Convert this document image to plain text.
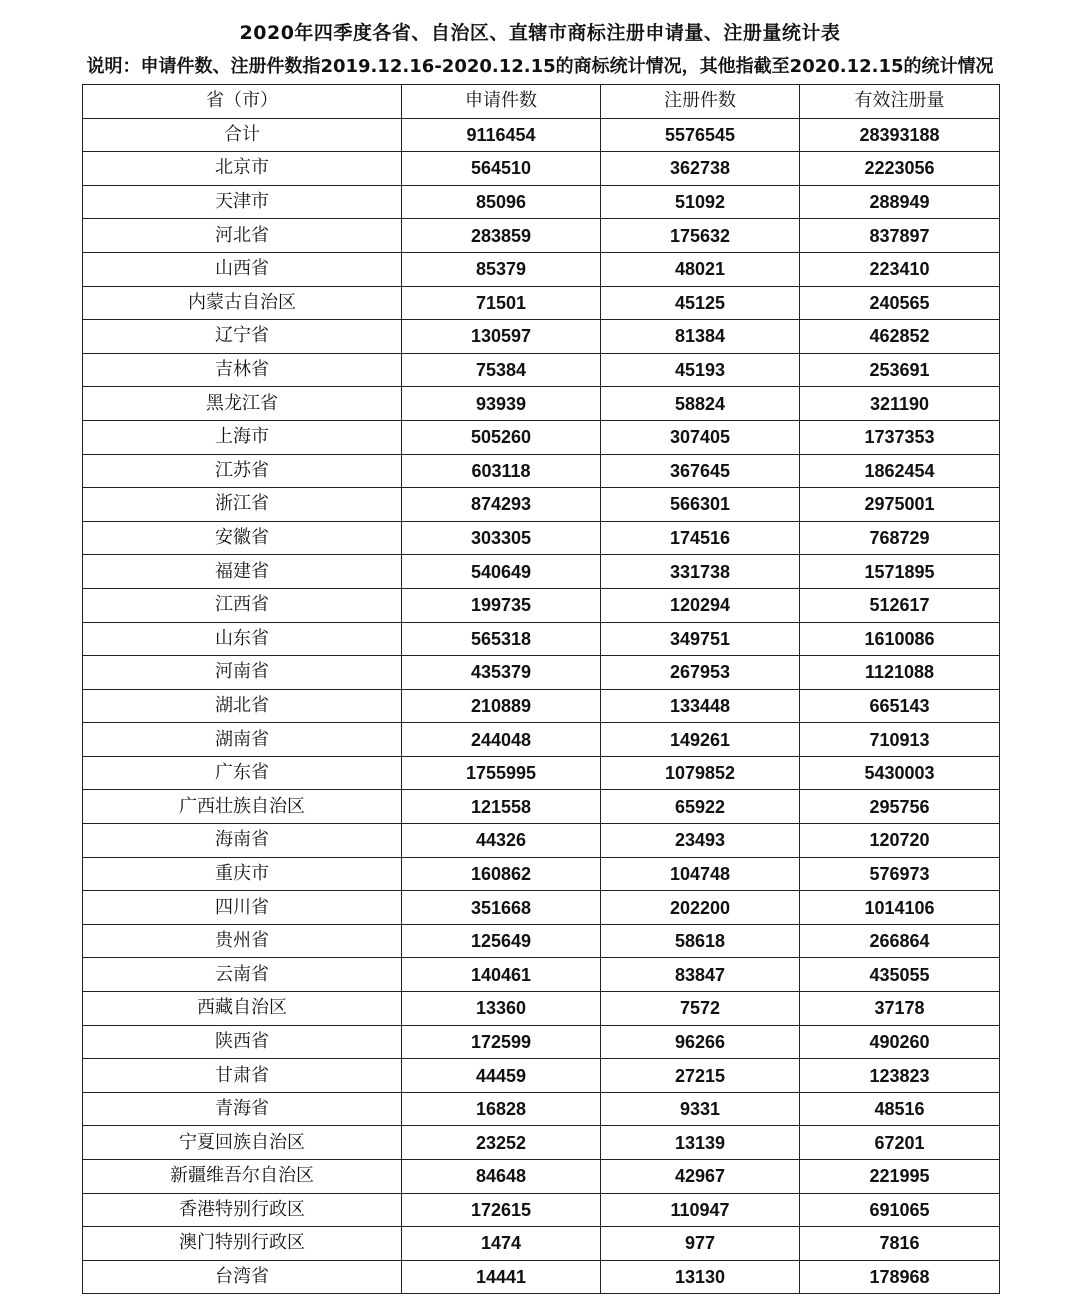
2020年四季度各省、自治区、直辖市商标注册申请量、注册量统计表
说明：申请件数、注册件数指2019.12.16-2020.12.15的商标统计情况，其他指截至2020.12.15的统计情况
省（市）	申请件数	注册件数	有效注册量
合计	9116454	5576545	28393188
北京市	564510	362738	2223056
天津市	85096	51092	288949
河北省	283859	175632	837897
山西省	85379	48021	223410
内蒙古自治区	71501	45125	240565
辽宁省	130597	81384	462852
吉林省	75384	45193	253691
黑龙江省	93939	58824	321190
上海市	505260	307405	1737353
江苏省	603118	367645	1862454
浙江省	874293	566301	2975001
安徽省	303305	174516	768729
福建省	540649	331738	1571895
江西省	199735	120294	512617
山东省	565318	349751	1610086
河南省	435379	267953	1121088
湖北省	210889	133448	665143
湖南省	244048	149261	710913
广东省	1755995	1079852	5430003
广西壮族自治区	121558	65922	295756
海南省	44326	23493	120720
重庆市	160862	104748	576973
四川省	351668	202200	1014106
贵州省	125649	58618	266864
云南省	140461	83847	435055
西藏自治区	13360	7572	37178
陕西省	172599	96266	490260
甘肃省	44459	27215	123823
青海省	16828	9331	48516
宁夏回族自治区	23252	13139	67201
新疆维吾尔自治区	84648	42967	221995
香港特别行政区	172615	110947	691065
澳门特别行政区	1474	977	7816
台湾省	14441	13130	178968
